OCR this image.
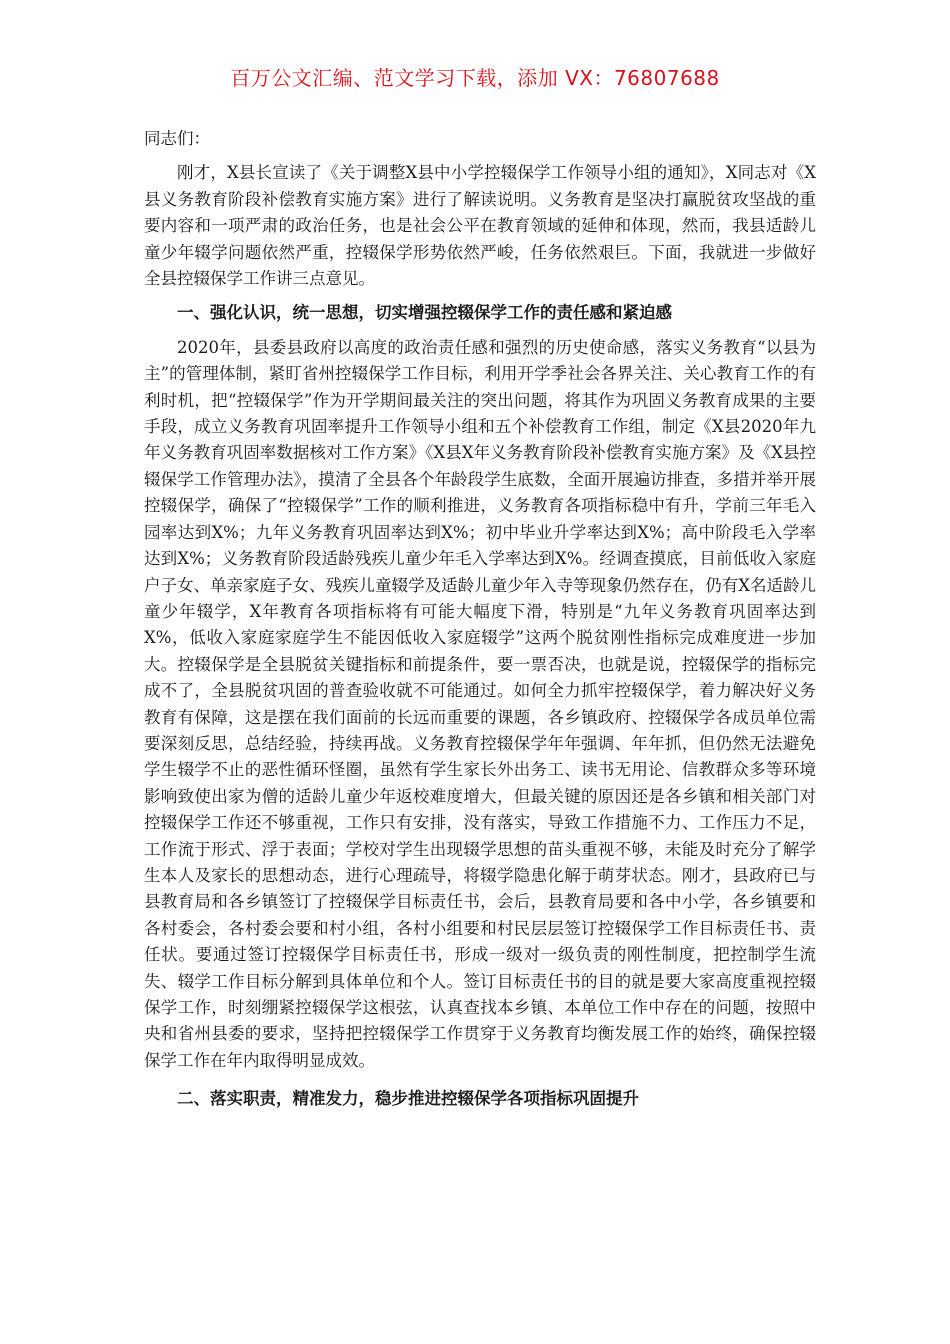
百万公文汇编、范文学习下载，添加 VX：76807688

同志们：

刚才，X县长宣读了《关于调整X县中小学控辍保学工作领导小组的通知》，X同志对《X县义务教育阶段补偿教育实施方案》进行了解读说明。义务教育是坚决打赢脱贫攻坚战的重要内容和一项严肃的政治任务，也是社会公平在教育领域的延伸和体现，然而，我县适龄儿童少年辍学问题依然严重，控辍保学形势依然严峻，任务依然艰巨。下面，我就进一步做好全县控辍保学工作讲三点意见。

一、强化认识，统一思想，切实增强控辍保学工作的责任感和紧迫感

2020年，县委县政府以高度的政治责任感和强烈的历史使命感，落实义务教育“以县为主”的管理体制，紧盯省州控辍保学工作目标，利用开学季社会各界关注、关心教育工作的有利时机，把“控辍保学”作为开学期间最关注的突出问题，将其作为巩固义务教育成果的主要手段，成立义务教育巩固率提升工作领导小组和五个补偿教育工作组，制定《X县2020年九年义务教育巩固率数据核对工作方案》《X县X年义务教育阶段补偿教育实施方案》及《X县控辍保学工作管理办法》，摸清了全县各个年龄段学生底数，全面开展遍访排查，多措并举开展控辍保学，确保了“控辍保学”工作的顺利推进，义务教育各项指标稳中有升，学前三年毛入园率达到X%；九年义务教育巩固率达到X%；初中毕业升学率达到X%；高中阶段毛入学率达到X%；义务教育阶段适龄残疾儿童少年毛入学率达到X%。经调查摸底，目前低收入家庭户子女、单亲家庭子女、残疾儿童辍学及适龄儿童少年入寺等现象仍然存在，仍有X名适龄儿童少年辍学，X年教育各项指标将有可能大幅度下滑，特别是“九年义务教育巩固率达到X%，低收入家庭家庭学生不能因低收入家庭辍学”这两个脱贫刚性指标完成难度进一步加大。控辍保学是全县脱贫关键指标和前提条件，要一票否决，也就是说，控辍保学的指标完成不了，全县脱贫巩固的普查验收就不可能通过。如何全力抓牢控辍保学，着力解决好义务教育有保障，这是摆在我们面前的长远而重要的课题，各乡镇政府、控辍保学各成员单位需要深刻反思，总结经验，持续再战。义务教育控辍保学年年强调、年年抓，但仍然无法避免学生辍学不止的恶性循环怪圈，虽然有学生家长外出务工、读书无用论、信教群众多等环境影响致使出家为僧的适龄儿童少年返校难度增大，但最关键的原因还是各乡镇和相关部门对控辍保学工作还不够重视，工作只有安排，没有落实，导致工作措施不力、工作压力不足，工作流于形式、浮于表面；学校对学生出现辍学思想的苗头重视不够，未能及时充分了解学生本人及家长的思想动态，进行心理疏导，将辍学隐患化解于萌芽状态。刚才，县政府已与县教育局和各乡镇签订了控辍保学目标责任书，会后，县教育局要和各中小学，各乡镇要和各村委会，各村委会要和村小组，各村小组要和村民层层签订控辍保学工作目标责任书、责任状。要通过签订控辍保学目标责任书，形成一级对一级负责的刚性制度，把控制学生流失、辍学工作目标分解到具体单位和个人。签订目标责任书的目的就是要大家高度重视控辍保学工作，时刻绷紧控辍保学这根弦，认真查找本乡镇、本单位工作中存在的问题，按照中央和省州县委的要求，坚持把控辍保学工作贯穿于义务教育均衡发展工作的始终，确保控辍保学工作在年内取得明显成效。

二、落实职责，精准发力，稳步推进控辍保学各项指标巩固提升
